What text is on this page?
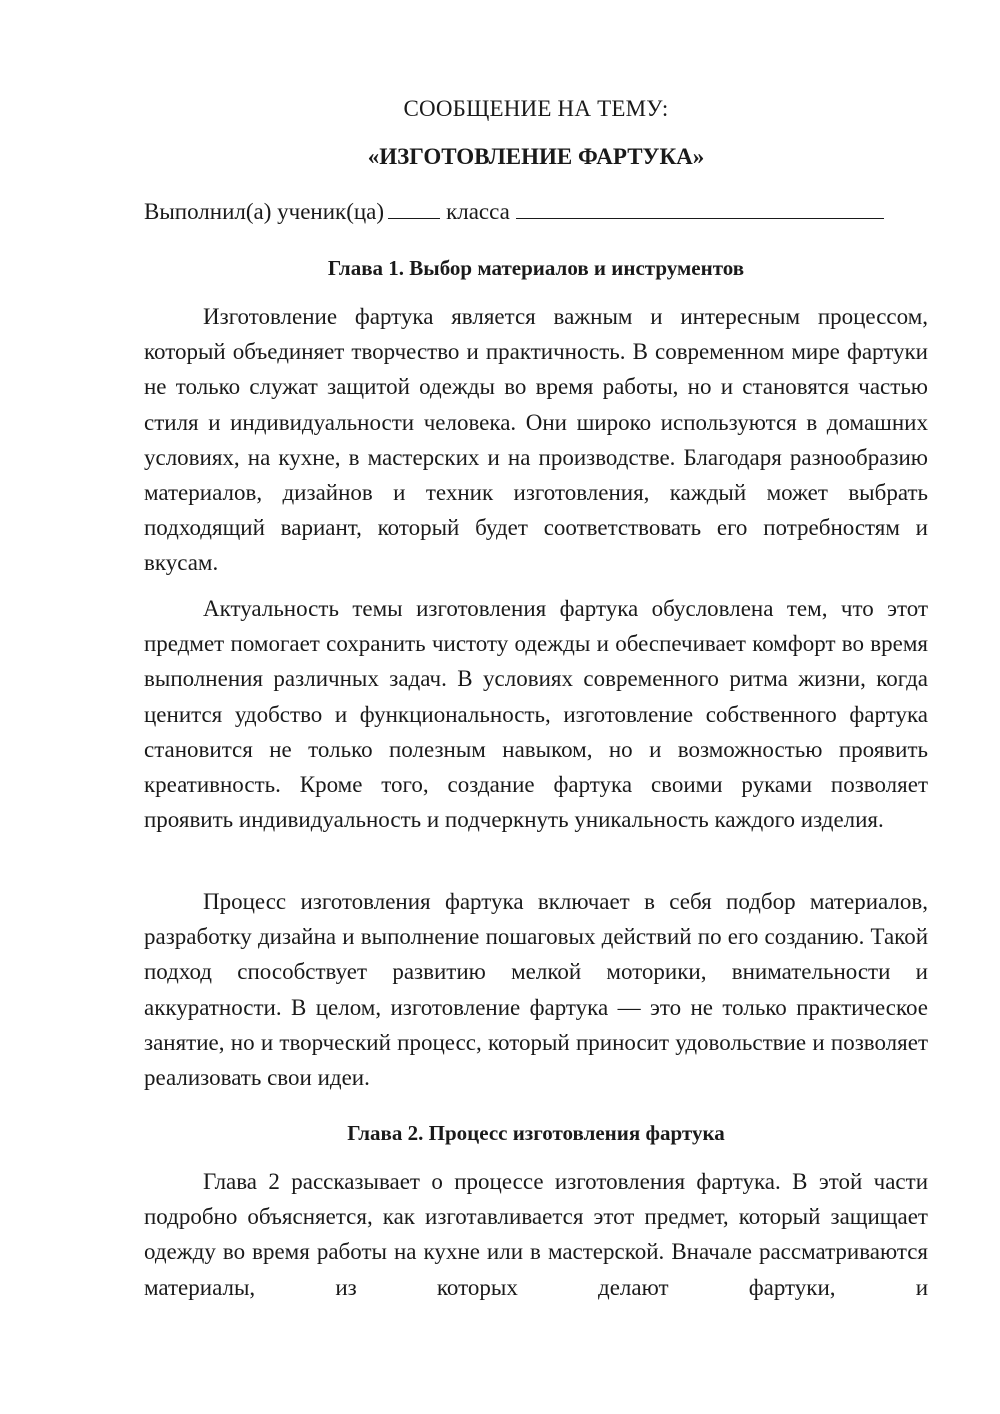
СООБЩЕНИЕ НА ТЕМУ:
«ИЗГОТОВЛЕНИЕ ФАРТУКА»
Выполнил(а) ученик(ца)	класса
Глава 1. Выбор материалов и инструментов

Изготовление фартука является важным и интересным процессом, который объединяет творчество и практичность. В современном мире фартуки не только служат защитой одежды во время работы, но и становятся частью стиля и индивидуальности человека. Они широко используются в домашних условиях, на кухне, в мастерских и на производстве. Благодаря разнообразию материалов, дизайнов и техник изготовления, каждый может выбрать подходящий вариант, который будет соответствовать его потребностям и вкусам.

Актуальность темы изготовления фартука обусловлена тем, что этот предмет помогает сохранить чистоту одежды и обеспечивает комфорт во время выполнения различных задач. В условиях современного ритма жизни, когда ценится удобство и функциональность, изготовление собственного фартука становится не только полезным навыком, но и возможностью проявить креативность. Кроме того, создание фартука своими руками позволяет проявить индивидуальность и подчеркнуть уникальность каждого изделия.

Процесс изготовления фартука включает в себя подбор материалов, разработку дизайна и выполнение пошаговых действий по его созданию. Такой подход способствует развитию мелкой моторики, внимательности и аккуратности. В целом, изготовление фартука — это не только практическое занятие, но и творческий процесс, который приносит удовольствие и позволяет реализовать свои идеи.

Глава 2. Процесс изготовления фартука

Глава 2 рассказывает о процессе изготовления фартука. В этой части подробно объясняется, как изготавливается этот предмет, который защищает одежду во время работы на кухне или в мастерской. Вначале рассматриваются материалы, из которых делают фартуки, и
